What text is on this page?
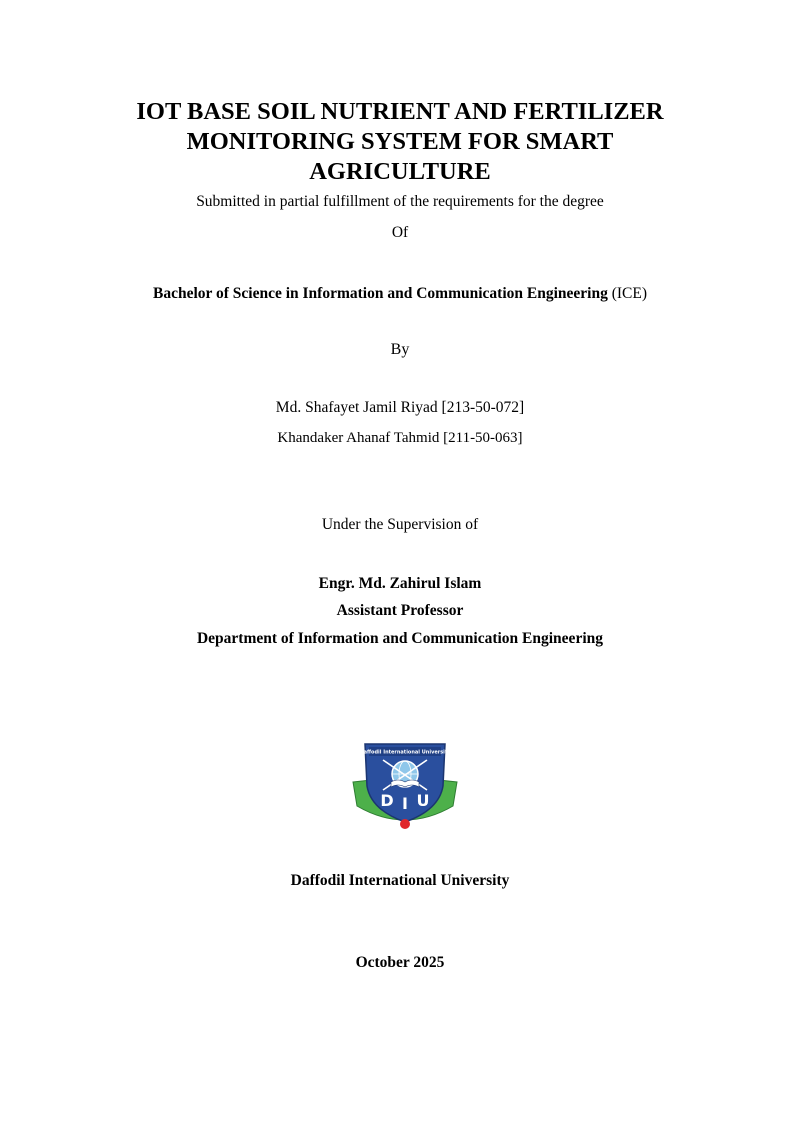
IOT BASE SOIL NUTRIENT AND FERTILIZER
MONITORING SYSTEM FOR SMART
AGRICULTURE
Submitted in partial fulfillment of the requirements for the degree
Of
Bachelor of Science in Information and Communication Engineering (ICE)
By
Md. Shafayet Jamil Riyad [213-50-072]
Khandaker Ahanaf Tahmid [211-50-063]
Under the Supervision of
Engr. Md. Zahirul Islam
Assistant Professor
Department of Information and Communication Engineering
Daffodil International University
D I U
Daffodil International University
October 2025
